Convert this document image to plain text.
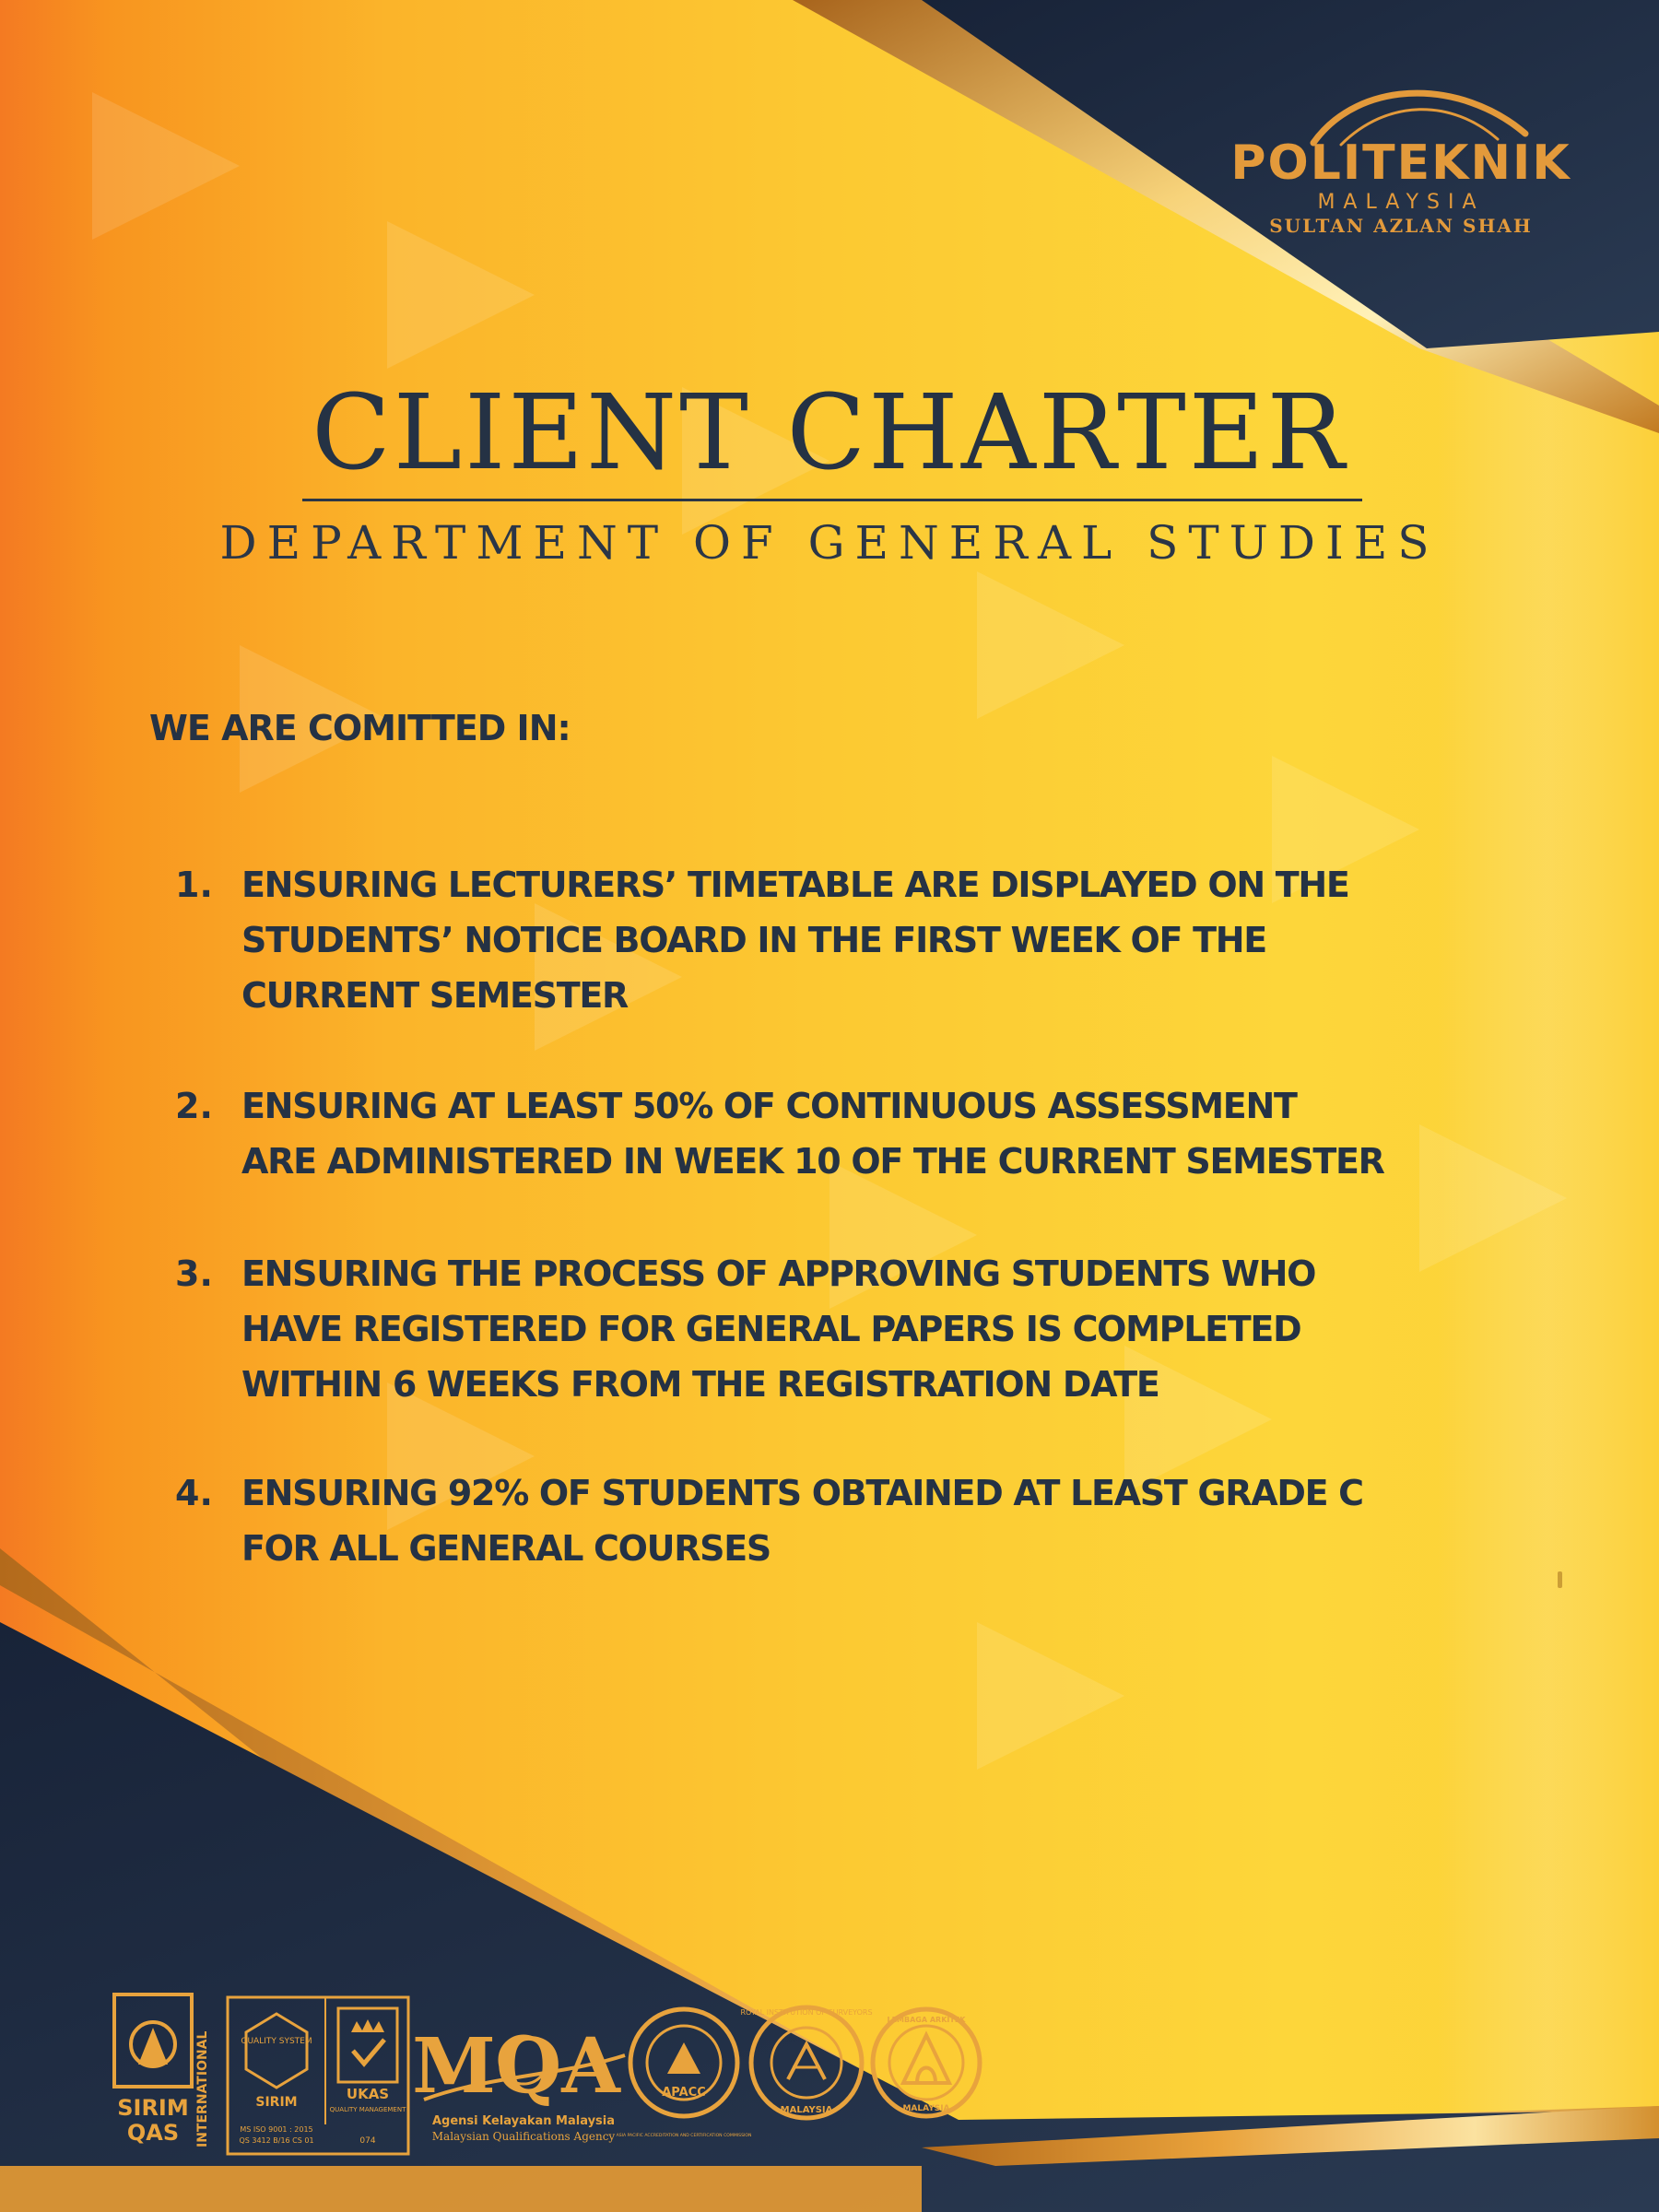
POLITEKNIK
MALAYSIA
SULTAN AZLAN SHAH
CLIENT CHARTER
DEPARTMENT OF GENERAL STUDIES

WE ARE COMITTED IN:

1. ENSURING LECTURERS’ TIMETABLE ARE DISPLAYED ON THE
STUDENTS’ NOTICE BOARD IN THE FIRST WEEK OF THE
CURRENT SEMESTER
2. ENSURING AT LEAST 50% OF CONTINUOUS ASSESSMENT
ARE ADMINISTERED IN WEEK 10 OF THE CURRENT SEMESTER
3. ENSURING THE PROCESS OF APPROVING STUDENTS WHO
HAVE REGISTERED FOR GENERAL PAPERS IS COMPLETED
WITHIN 6 WEEKS FROM THE REGISTRATION DATE
4. ENSURING 92% OF STUDENTS OBTAINED AT LEAST GRADE C
FOR ALL GENERAL COURSES
SIRIM
QAS INTERNATIONAL	QUALITY SYSTEM
SIRIM	UKAS
QUALITY MANAGEMENT
074
MS ISO 9001 : 2015
QS 3412 B/16 CS 01
MQA
Agensi Kelayakan Malaysia
Malaysian Qualifications Agency
APACC
ASIA PACIFIC ACCREDITATION AND CERTIFICATION COMMISSION
ROYAL INSTITUTION OF SURVEYORS
MALAYSIA
LEMBAGA ARKITEK
MALAYSIA
